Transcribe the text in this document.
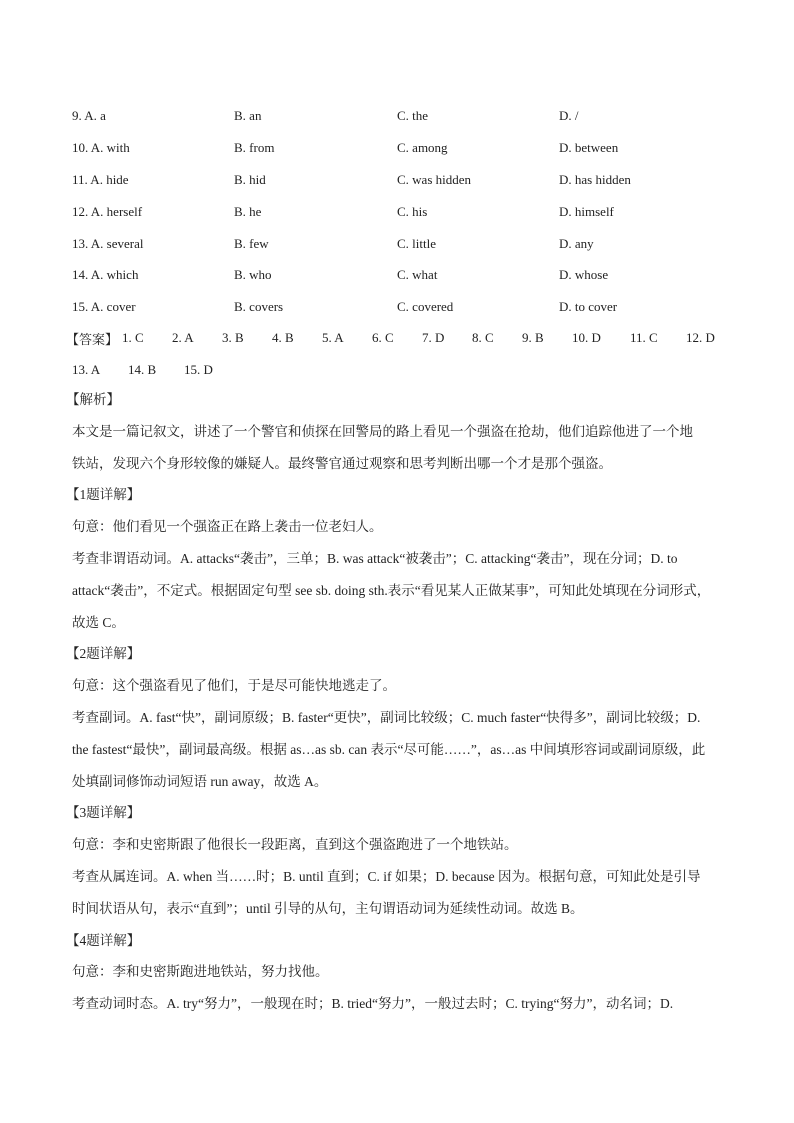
9. A. a	B. an	C. the	D. /
10. A. with	B. from	C. among	D. between
11. A. hide	B. hid	C. was hidden	D. has hidden
12. A. herself	B. he	C. his	D. himself
13. A. several	B. few	C. little	D. any
14. A. which	B. who	C. what	D. whose
15. A. cover	B. covers	C. covered	D. to cover
【答案】 1. C	2. A	3. B	4. B	5. A	6. C	7. D	8. C	9. B	10. D	11. C	12. D
13. A	14. B	15. D
【解析】
本文是一篇记叙文，讲述了一个警官和侦探在回警局的路上看见一个强盗在抢劫，他们追踪他进了一个地
铁站，发现六个身形较像的嫌疑人。最终警官通过观察和思考判断出哪一个才是那个强盗。
【1题详解】
句意：他们看见一个强盗正在路上袭击一位老妇人。
考查非谓语动词。A. attacks“袭击”，三单；B. was attack“被袭击”；C. attacking“袭击”，现在分词；D. to
attack“袭击”，不定式。根据固定句型 see sb. doing sth.表示“看见某人正做某事”，可知此处填现在分词形式，
故选 C。
【2题详解】
句意：这个强盗看见了他们，于是尽可能快地逃走了。
考查副词。A. fast“快”，副词原级；B. faster“更快”，副词比较级；C. much faster“快得多”，副词比较级；D.
the fastest“最快”，副词最高级。根据 as…as sb. can 表示“尽可能……”，as…as 中间填形容词或副词原级，此
处填副词修饰动词短语 run away，故选 A。
【3题详解】
句意：李和史密斯跟了他很长一段距离，直到这个强盗跑进了一个地铁站。
考查从属连词。A. when 当……时；B. until 直到；C. if 如果；D. because 因为。根据句意，可知此处是引导
时间状语从句，表示“直到”；until 引导的从句，主句谓语动词为延续性动词。故选 B。
【4题详解】
句意：李和史密斯跑进地铁站，努力找他。
考查动词时态。A. try“努力”，一般现在时；B. tried“努力”，一般过去时；C. trying“努力”，动名词；D.
